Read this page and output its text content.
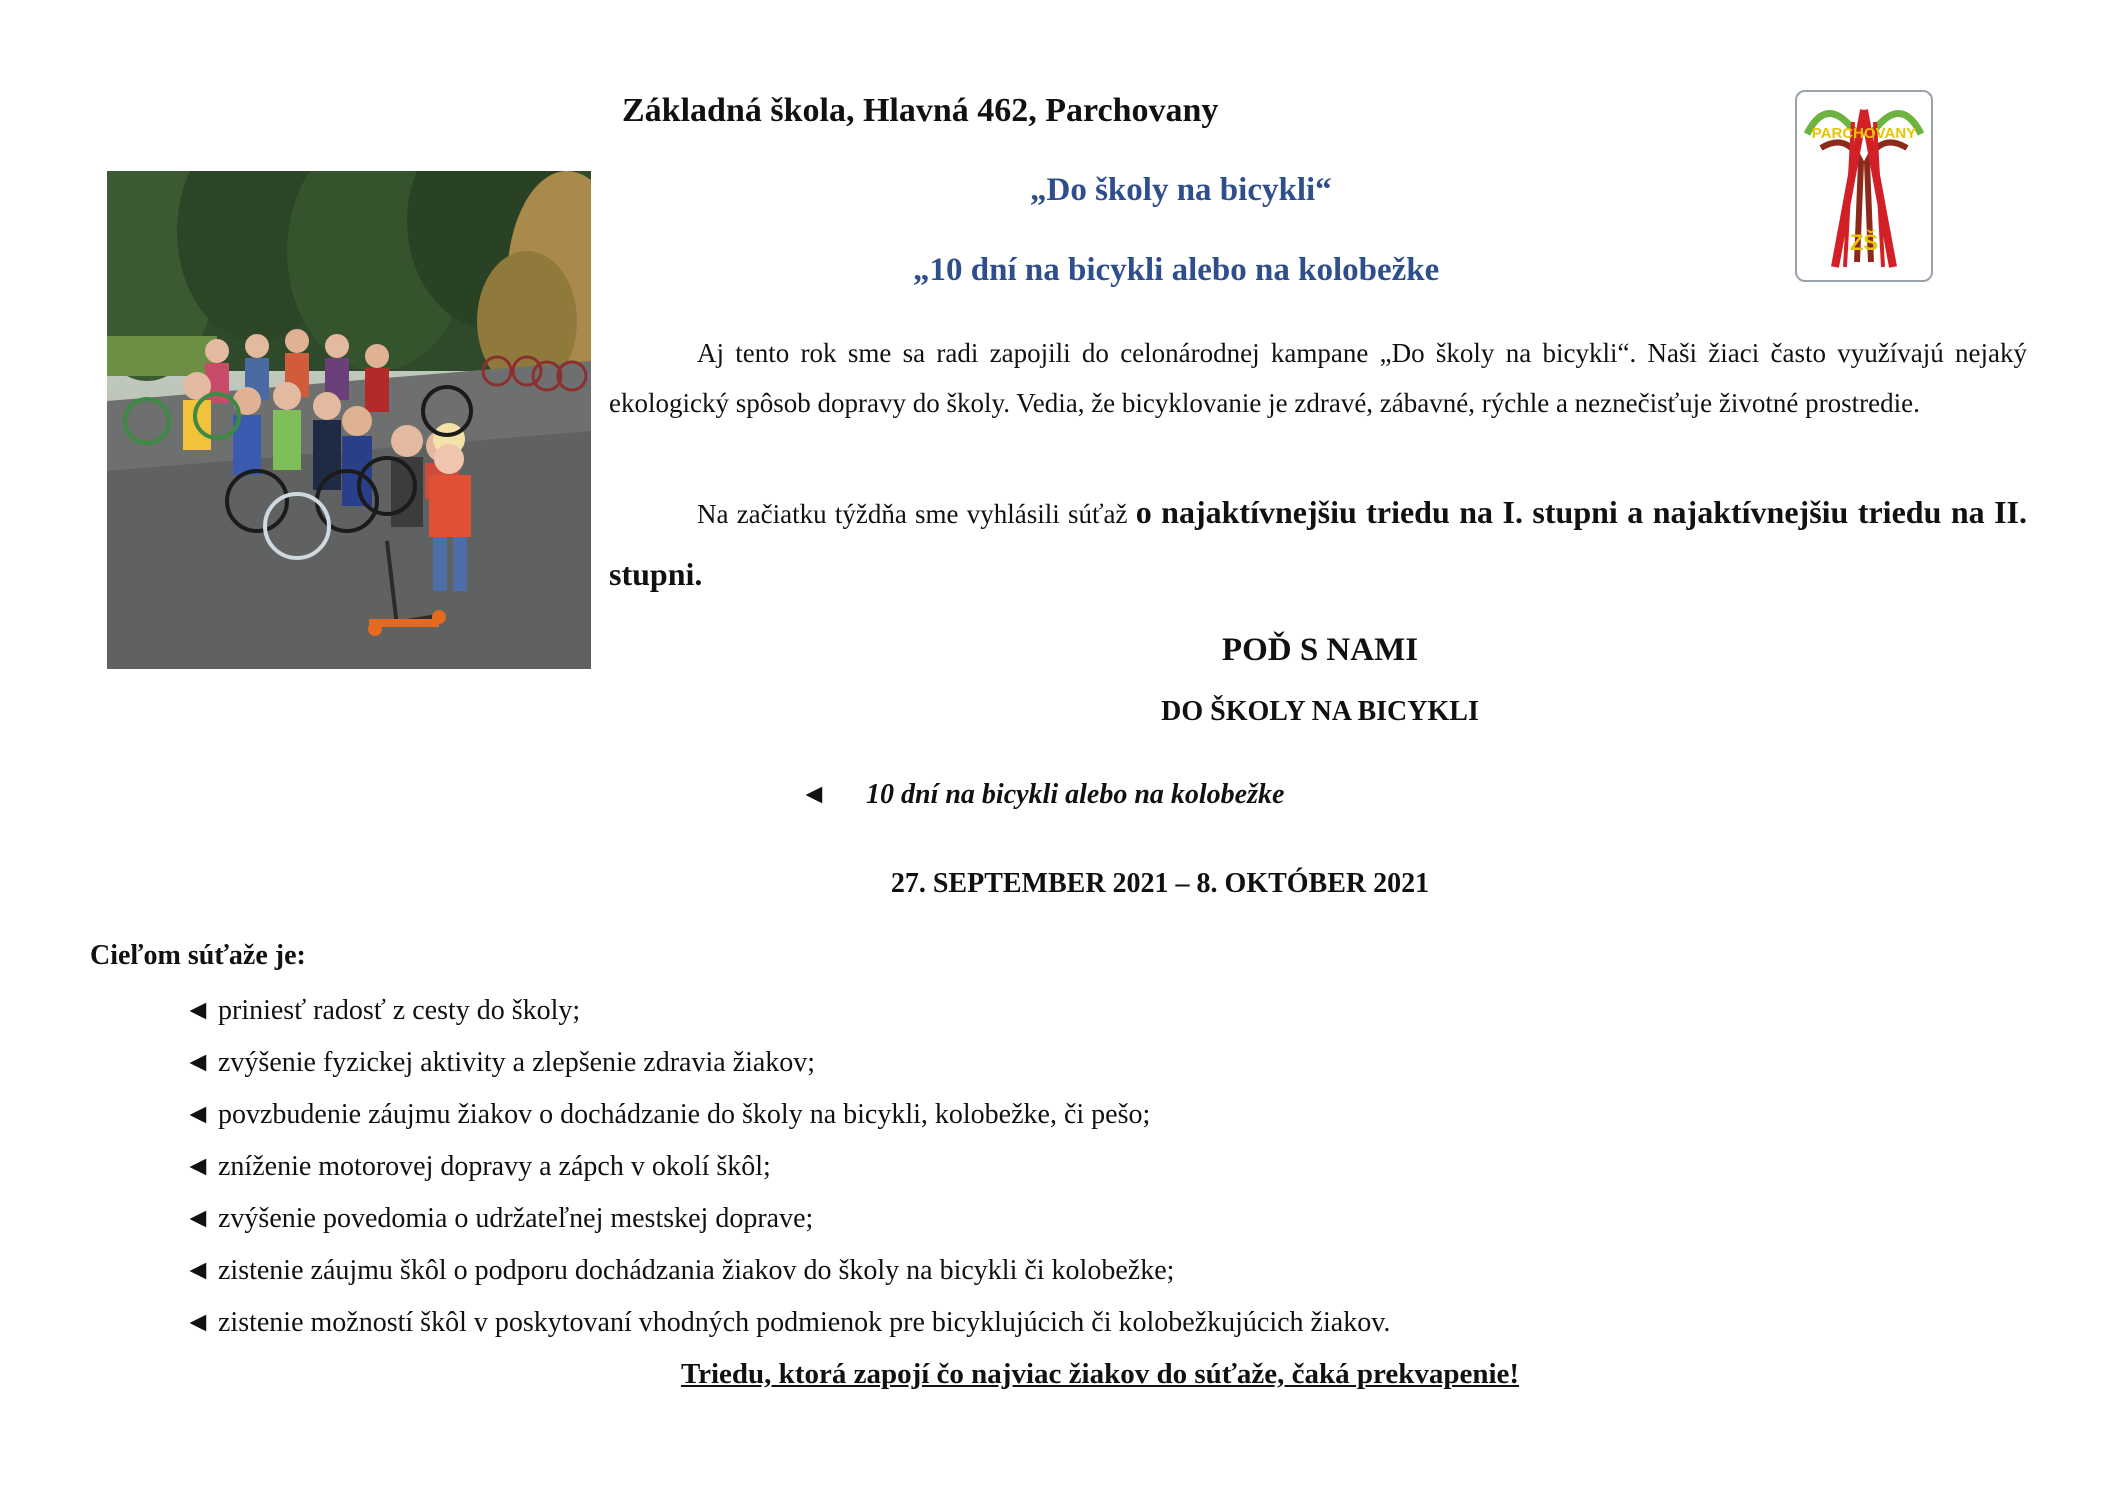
Základná škola, Hlavná 462, Parchovany
„Do školy na bicykli“
„10 dní na bicykli alebo na kolobežke
PARCHOVANY
ZŠ
Aj tento rok sme sa radi zapojili do celonárodnej kampane „Do školy na bicykli“. Naši žiaci často využívajú nejaký ekologický spôsob dopravy do školy. Vedia, že bicyklovanie je zdravé, zábavné, rýchle a neznečisťuje životné prostredie.
Na začiatku týždňa sme vyhlásili súťaž o najaktívnejšiu triedu na I. stupni a najaktívnejšiu triedu na II. stupni.
POĎ S NAMI
DO ŠKOLY NA BICYKLI
◄ 10 dní na bicykli alebo na kolobežke
27. SEPTEMBER 2021 – 8. OKTÓBER 2021
Cieľom súťaže je:
◄ priniesť radosť z cesty do školy;
◄ zvýšenie fyzickej aktivity a zlepšenie zdravia žiakov;
◄ povzbudenie záujmu žiakov o dochádzanie do školy na bicykli, kolobežke, či pešo;
◄ zníženie motorovej dopravy a zápch v okolí škôl;
◄ zvýšenie povedomia o udržateľnej mestskej doprave;
◄ zistenie záujmu škôl o podporu dochádzania žiakov do školy na bicykli či kolobežke;
◄ zistenie možností škôl v poskytovaní vhodných podmienok pre bicyklujúcich či kolobežkujúcich žiakov.
Triedu, ktorá zapojí čo najviac žiakov do súťaže, čaká prekvapenie!
